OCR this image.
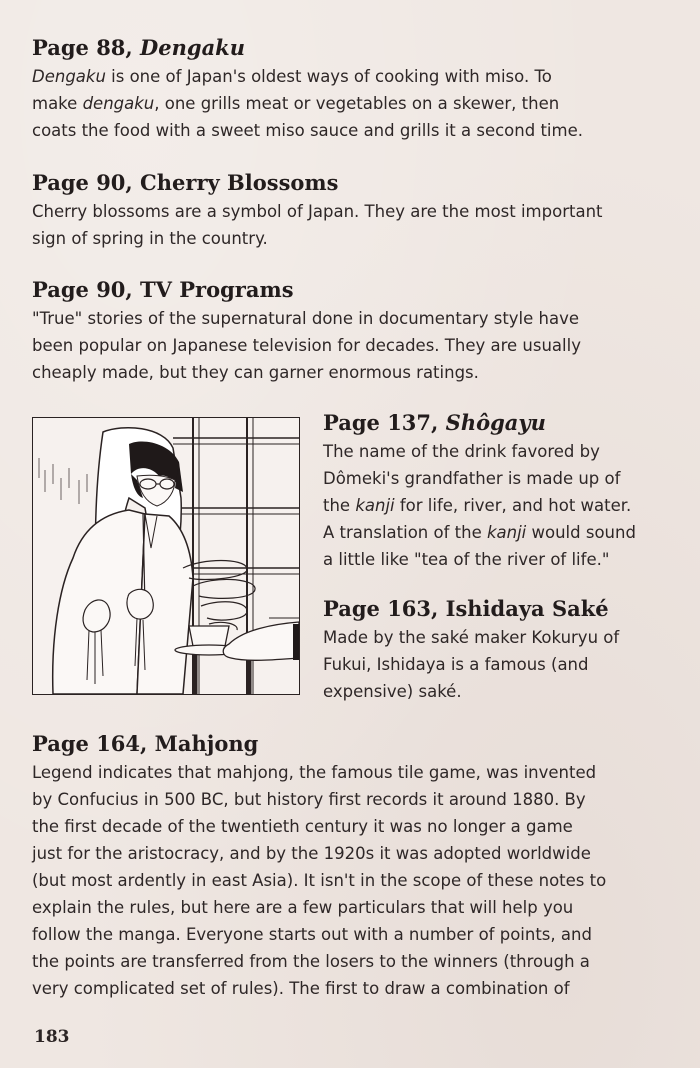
Page 88, Dengaku

Dengaku is one of Japan's oldest ways of cooking with miso. To
make dengaku, one grills meat or vegetables on a skewer, then
coats the food with a sweet miso sauce and grills it a second time.

Page 90, Cherry Blossoms

Cherry blossoms are a symbol of Japan. They are the most important
sign of spring in the country.

Page 90, TV Programs

"True" stories of the supernatural done in documentary style have
been popular on Japanese television for decades. They are usually
cheaply made, but they can garner enormous ratings.

Page 137, Shôgayu

The name of the drink favored by
Dômeki's grandfather is made up of
the kanji for life, river, and hot water.
A translation of the kanji would sound
a little like "tea of the river of life."

Page 163, Ishidaya Saké

Made by the saké maker Kokuryu of
Fukui, Ishidaya is a famous (and
expensive) saké.

Page 164, Mahjong

Legend indicates that mahjong, the famous tile game, was invented
by Confucius in 500 BC, but history first records it around 1880. By
the first decade of the twentieth century it was no longer a game
just for the aristocracy, and by the 1920s it was adopted worldwide
(but most ardently in east Asia). It isn't in the scope of these notes to
explain the rules, but here are a few particulars that will help you
follow the manga. Everyone starts out with a number of points, and
the points are transferred from the losers to the winners (through a
very complicated set of rules). The first to draw a combination of

183
